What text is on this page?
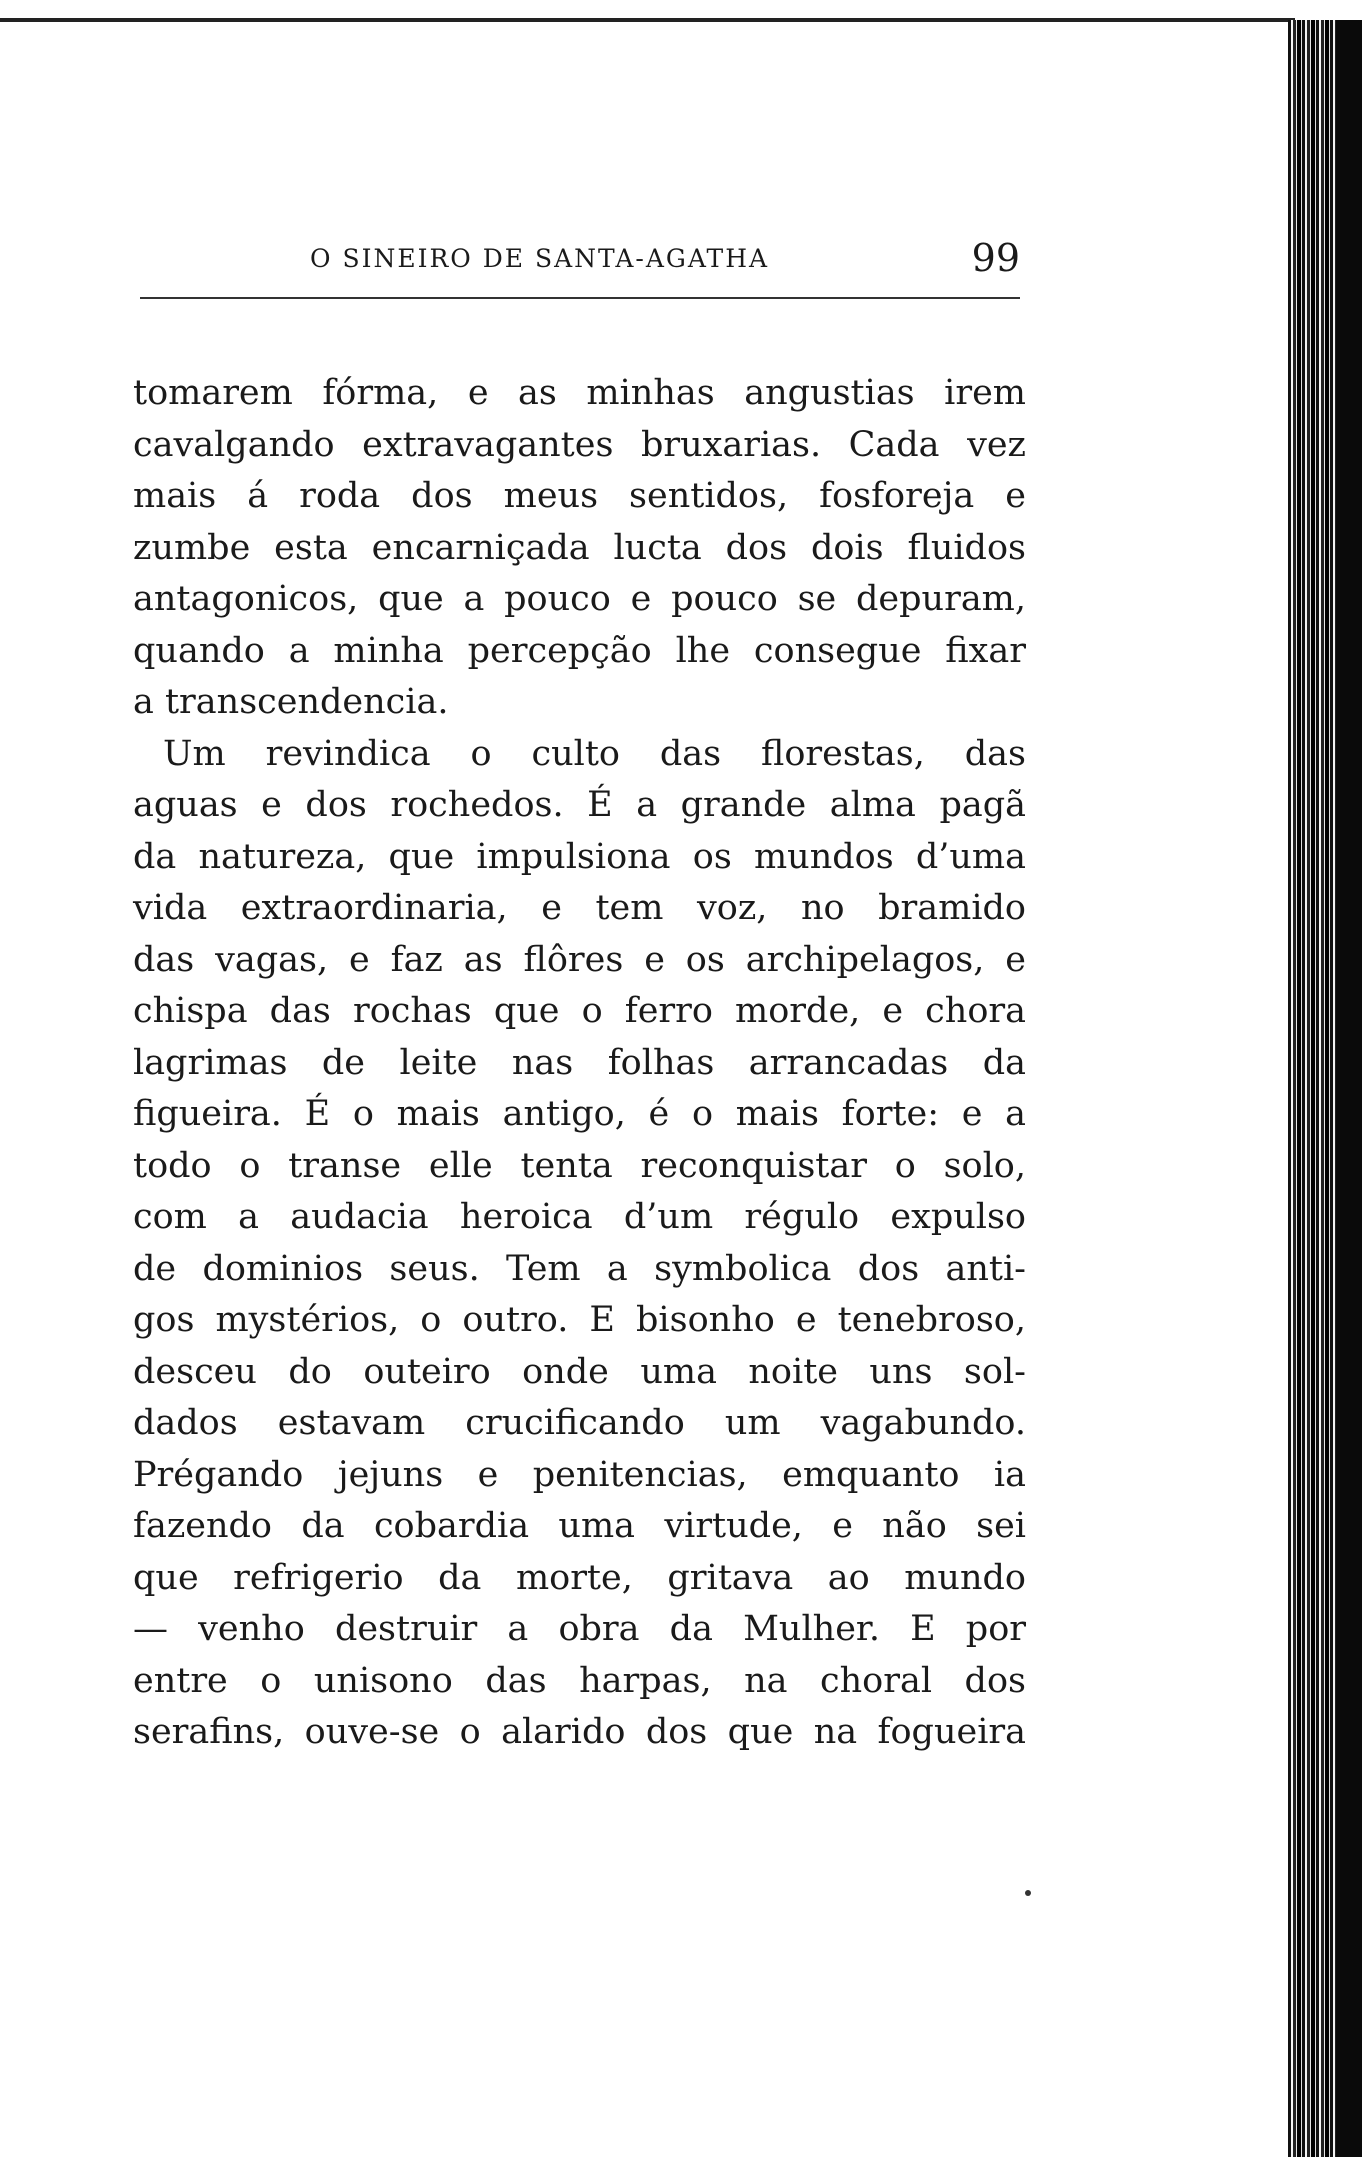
O SINEIRO DE SANTA-AGATHA	99
tomarem fórma, e as minhas angustias irem
cavalgando extravagantes bruxarias. Cada vez
mais á roda dos meus sentidos, fosforeja e
zumbe esta encarniçada lucta dos dois fluidos
antagonicos, que a pouco e pouco se depuram,
quando a minha percepção lhe consegue fixar
a transcendencia.
Um revindica o culto das florestas, das
aguas e dos rochedos. É a grande alma pagã
da natureza, que impulsiona os mundos d’uma
vida extraordinaria, e tem voz, no bramido
das vagas, e faz as flôres e os archipelagos, e
chispa das rochas que o ferro morde, e chora
lagrimas de leite nas folhas arrancadas da
figueira. É o mais antigo, é o mais forte: e a
todo o transe elle tenta reconquistar o solo,
com a audacia heroica d’um régulo expulso
de dominios seus. Tem a symbolica dos anti-
gos mystérios, o outro. E bisonho e tenebroso,
desceu do outeiro onde uma noite uns sol-
dados estavam crucificando um vagabundo.
Prégando jejuns e penitencias, emquanto ia
fazendo da cobardia uma virtude, e não sei
que refrigerio da morte, gritava ao mundo
— venho destruir a obra da Mulher. E por
entre o unisono das harpas, na choral dos
serafins, ouve-se o alarido dos que na fogueira
